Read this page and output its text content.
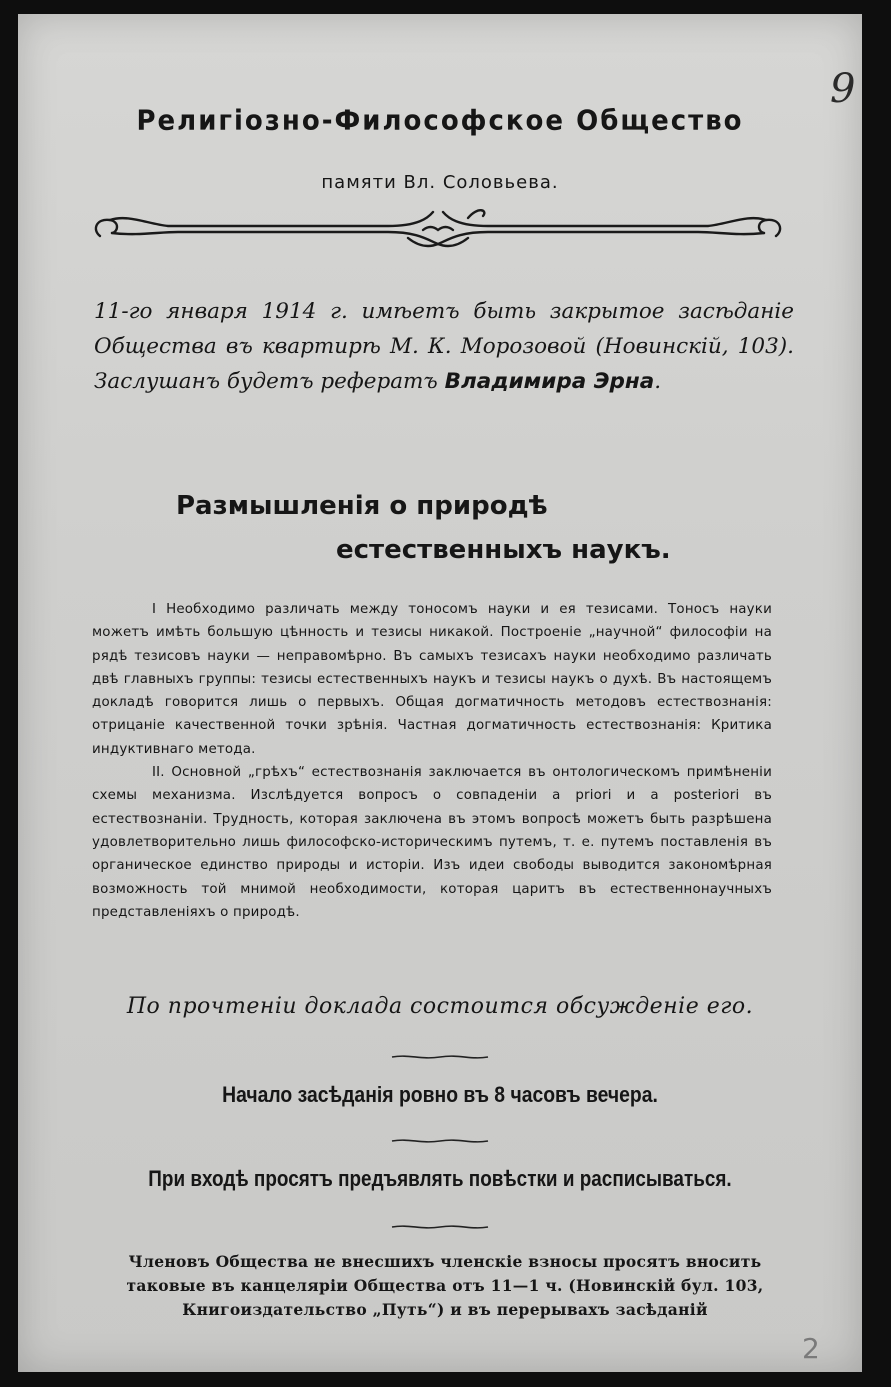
9
Религiозно-Философское Общество
памяти Вл. Соловьева.
11-го января 1914 г. имѣетъ быть закрытое засѣданiе Общества въ квартирѣ М. К. Морозовой (Новинскiй, 103). Заслушанъ будетъ рефератъ Владимира Эрна.
Размышленiя о природѣ
естественныхъ наукъ.

I Необходимо различать между тоносомъ науки и ея тезисами. Тоносъ науки можетъ имѣть большую цѣнность и тезисы никакой. Построенiе „научной“ философiи на рядѣ тезисовъ науки — неправомѣрно. Въ самыхъ тезисахъ науки необходимо различать двѣ главныхъ группы: тезисы естественныхъ наукъ и тезисы наукъ о духѣ. Въ настоящемъ докладѣ говорится лишь о первыхъ. Общая догматичность методовъ естествознанiя: отрицанiе качественной точки зрѣнiя. Частная догматичность естествознанiя: Критика индуктивнаго метода.

II. Основной „грѣхъ“ естествознанiя заключается въ онтологическомъ примѣненiи схемы механизма. Изслѣдуется вопросъ о совпаденiи a priori и a posteriori въ естествознанiи. Трудность, которая заключена въ этомъ вопросѣ можетъ быть разрѣшена удовлетворительно лишь философско-историческимъ путемъ, т. е. путемъ поставленiя въ органическое единство природы и исторiи. Изъ идеи свободы выводится закономѣрная возможность той мнимой необходимости, которая царитъ въ естественнонаучныхъ представленiяхъ о природѣ.

По прочтенiи доклада состоится обсужденiе его.
Начало засѣданiя ровно въ 8 часовъ вечера.
При входѣ просятъ предъявлять повѣстки и расписываться.
Членовъ Общества не внесшихъ членскiе взносы просятъ вносить
таковые въ канцелярiи Общества отъ 11—1 ч. (Новинскiй бул. 103,
Книгоиздательство „Путь“) и въ перерывахъ засѣданiй
2
